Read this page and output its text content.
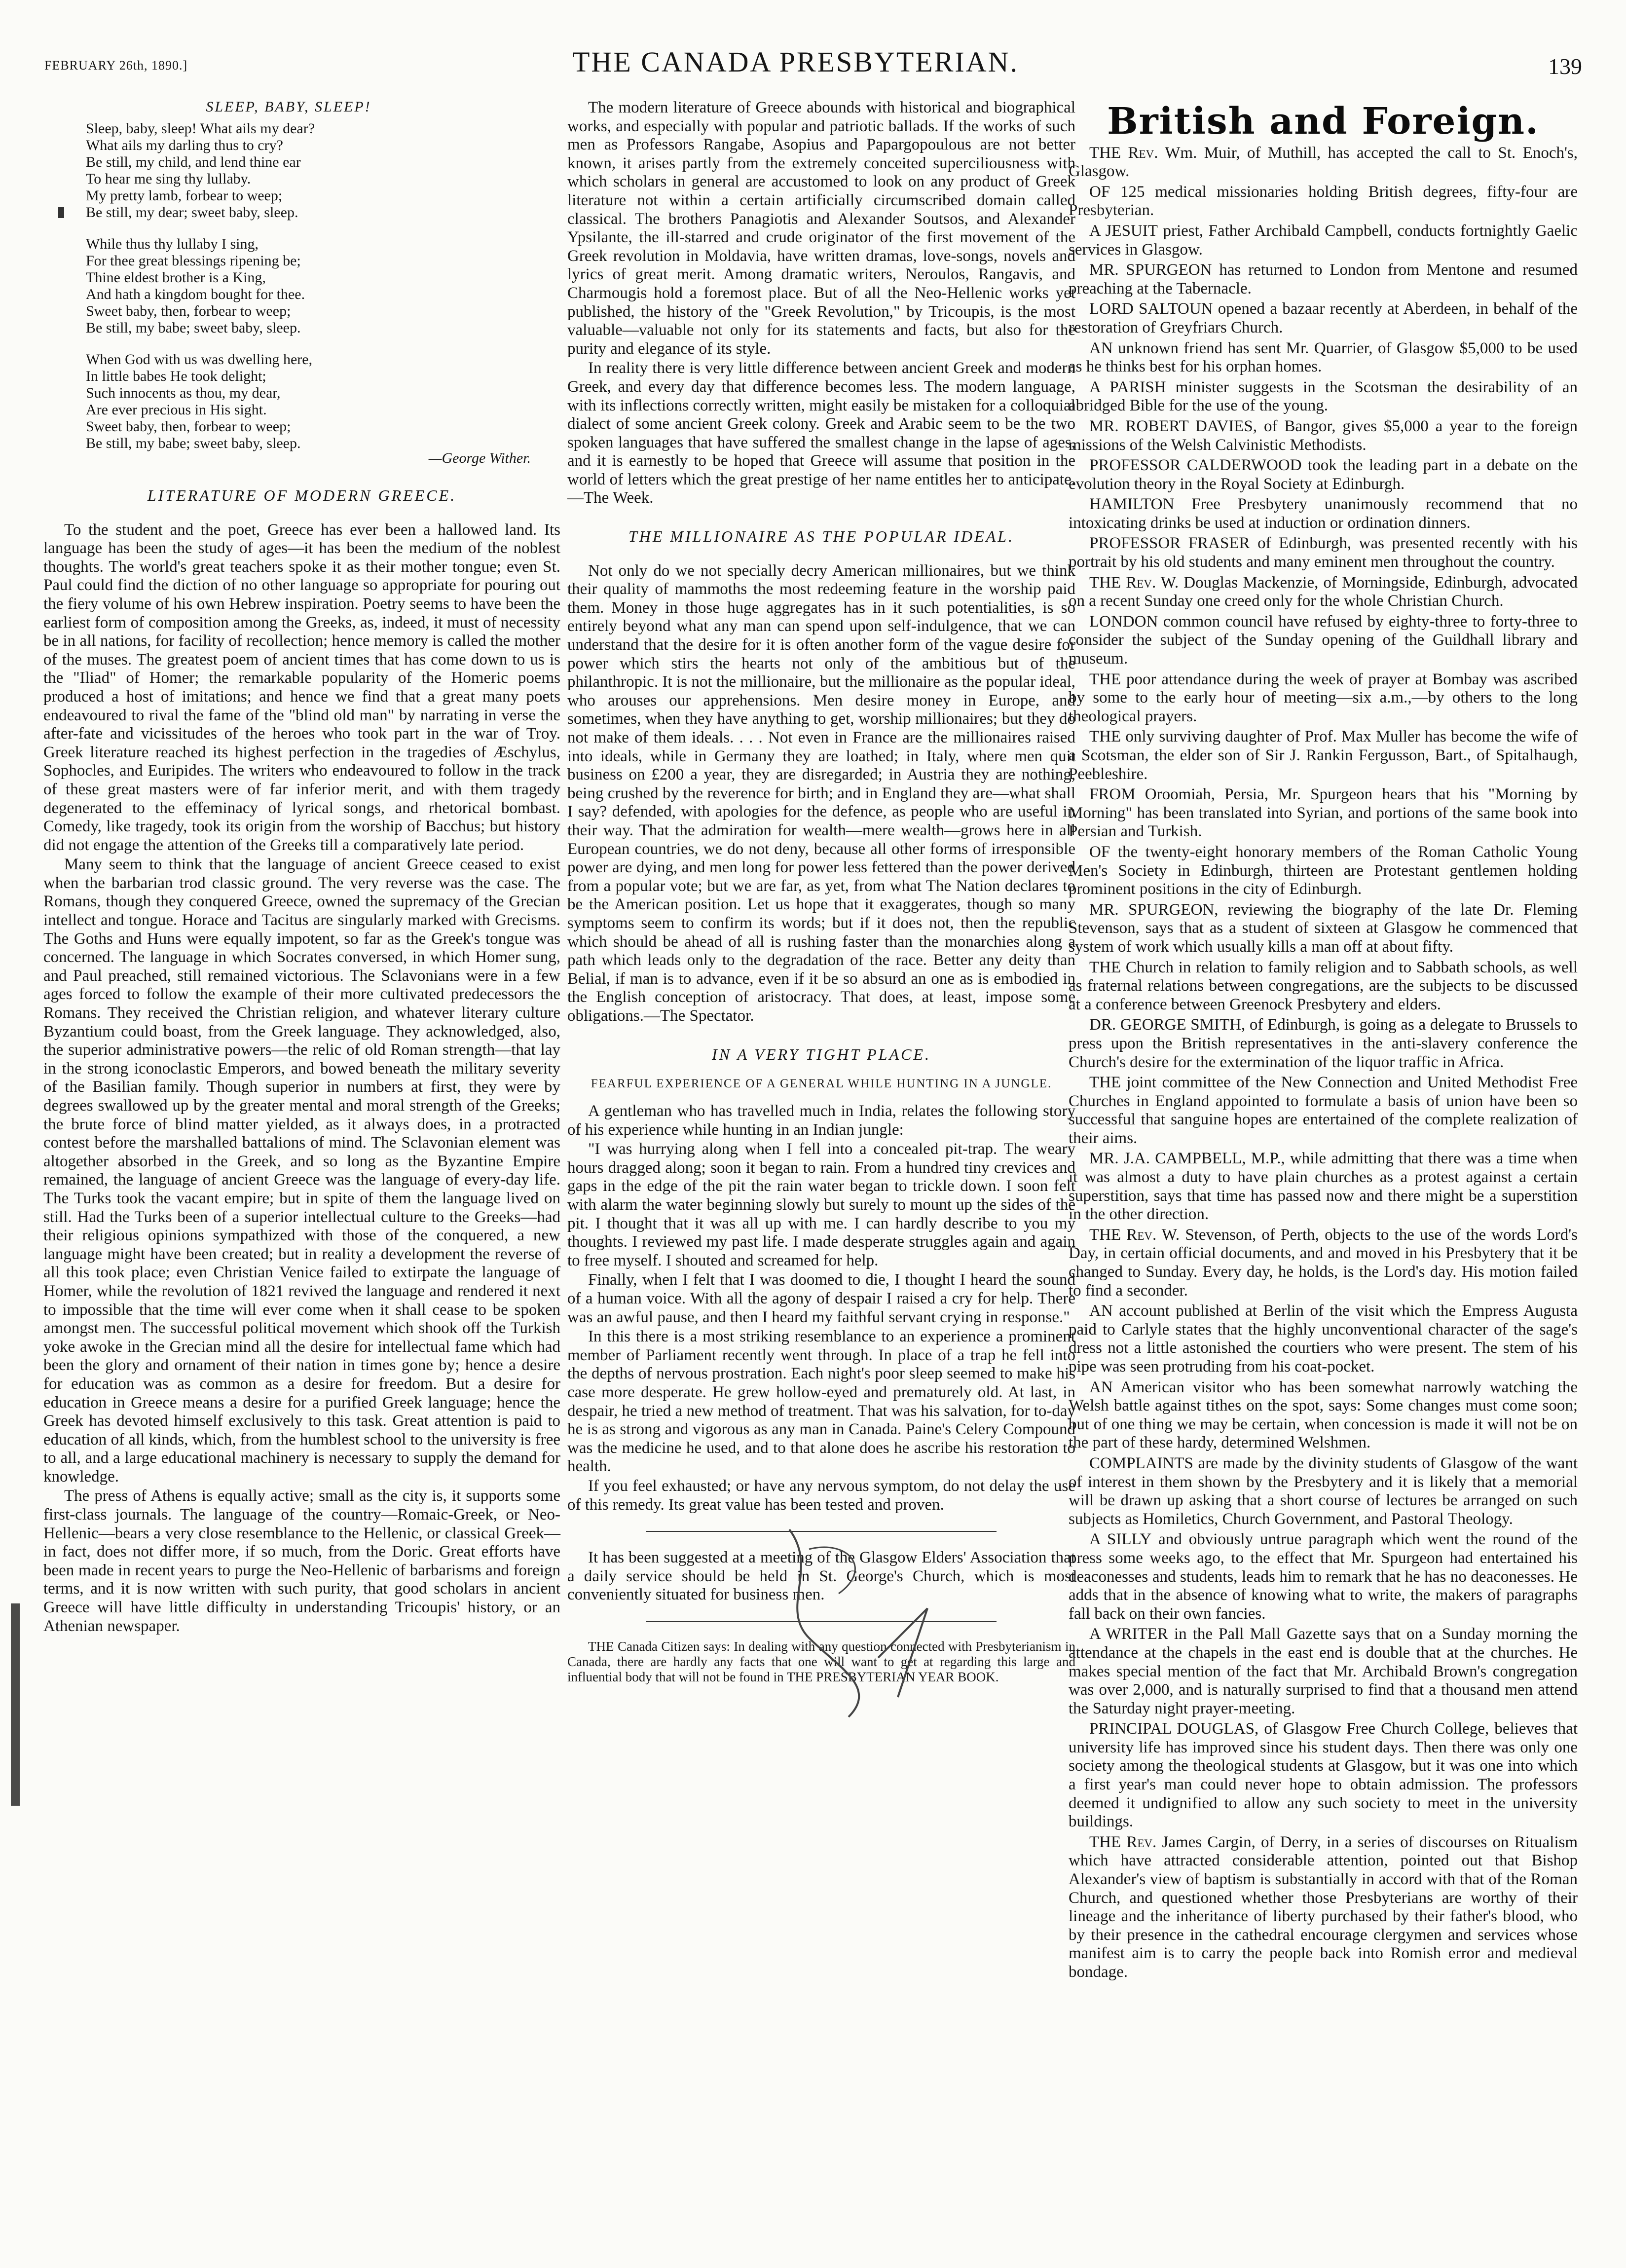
FEBRUARY 26th, 1890.]	THE CANADA PRESBYTERIAN.	139
SLEEP, BABY, SLEEP!
Sleep, baby, sleep! What ails my dear?
What ails my darling thus to cry?
Be still, my child, and lend thine ear
To hear me sing thy lullaby.
My pretty lamb, forbear to weep;
Be still, my dear; sweet baby, sleep.
While thus thy lullaby I sing,
For thee great blessings ripening be;
Thine eldest brother is a King,
And hath a kingdom bought for thee.
Sweet baby, then, forbear to weep;
Be still, my babe; sweet baby, sleep.
When God with us was dwelling here,
In little babes He took delight;
Such innocents as thou, my dear,
Are ever precious in His sight.
Sweet baby, then, forbear to weep;
Be still, my babe; sweet baby, sleep.
—George Wither.
LITERATURE OF MODERN GREECE.

To the student and the poet, Greece has ever been a hallowed land. Its language has been the study of ages—it has been the medium of the noblest thoughts. The world's great teachers spoke it as their mother tongue; even St. Paul could find the diction of no other language so appropriate for pouring out the fiery volume of his own Hebrew inspiration. Poetry seems to have been the earliest form of composition among the Greeks, as, indeed, it must of necessity be in all nations, for facility of recollection; hence memory is called the mother of the muses. The greatest poem of ancient times that has come down to us is the "Iliad" of Homer; the remarkable popularity of the Homeric poems produced a host of imitations; and hence we find that a great many poets endeavoured to rival the fame of the "blind old man" by narrating in verse the after-fate and vicissitudes of the heroes who took part in the war of Troy. Greek literature reached its highest perfection in the tragedies of Æschylus, Sophocles, and Euripides. The writers who endeavoured to follow in the track of these great masters were of far inferior merit, and with them tragedy degenerated to the effeminacy of lyrical songs, and rhetorical bombast. Comedy, like tragedy, took its origin from the worship of Bacchus; but history did not engage the attention of the Greeks till a comparatively late period.

Many seem to think that the language of ancient Greece ceased to exist when the barbarian trod classic ground. The very reverse was the case. The Romans, though they conquered Greece, owned the supremacy of the Grecian intellect and tongue. Horace and Tacitus are singularly marked with Grecisms. The Goths and Huns were equally impotent, so far as the Greek's tongue was concerned. The language in which Socrates conversed, in which Homer sung, and Paul preached, still remained victorious. The Sclavonians were in a few ages forced to follow the example of their more cultivated predecessors the Romans. They received the Christian religion, and whatever literary culture Byzantium could boast, from the Greek language. They acknowledged, also, the superior administrative powers—the relic of old Roman strength—that lay in the strong iconoclastic Emperors, and bowed beneath the military severity of the Basilian family. Though superior in numbers at first, they were by degrees swallowed up by the greater mental and moral strength of the Greeks; the brute force of blind matter yielded, as it always does, in a protracted contest before the marshalled battalions of mind. The Sclavonian element was altogether absorbed in the Greek, and so long as the Byzantine Empire remained, the language of ancient Greece was the language of every-day life. The Turks took the vacant empire; but in spite of them the language lived on still. Had the Turks been of a superior intellectual culture to the Greeks—had their religious opinions sympathized with those of the conquered, a new language might have been created; but in reality a development the reverse of all this took place; even Christian Venice failed to extirpate the language of Homer, while the revolution of 1821 revived the language and rendered it next to impossible that the time will ever come when it shall cease to be spoken amongst men. The successful political movement which shook off the Turkish yoke awoke in the Grecian mind all the desire for intellectual fame which had been the glory and ornament of their nation in times gone by; hence a desire for education was as common as a desire for freedom. But a desire for education in Greece means a desire for a purified Greek language; hence the Greek has devoted himself exclusively to this task. Great attention is paid to education of all kinds, which, from the humblest school to the university is free to all, and a large educational machinery is necessary to supply the demand for knowledge.

The press of Athens is equally active; small as the city is, it supports some first-class journals. The language of the country—Romaic-Greek, or Neo-Hellenic—bears a very close resemblance to the Hellenic, or classical Greek—in fact, does not differ more, if so much, from the Doric. Great efforts have been made in recent years to purge the Neo-Hellenic of barbarisms and foreign terms, and it is now written with such purity, that good scholars in ancient Greece will have little difficulty in understanding Tricoupis' history, or an Athenian newspaper.

The modern literature of Greece abounds with historical and biographical works, and especially with popular and patriotic ballads. If the works of such men as Professors Rangabe, Asopius and Papargopoulous are not better known, it arises partly from the extremely conceited superciliousness with which scholars in general are accustomed to look on any product of Greek literature not within a certain artificially circumscribed domain called classical. The brothers Panagiotis and Alexander Soutsos, and Alexander Ypsilante, the ill-starred and crude originator of the first movement of the Greek revolution in Moldavia, have written dramas, love-songs, novels and lyrics of great merit. Among dramatic writers, Neroulos, Rangavis, and Charmougis hold a foremost place. But of all the Neo-Hellenic works yet published, the history of the "Greek Revolution," by Tricoupis, is the most valuable—valuable not only for its statements and facts, but also for the purity and elegance of its style.

In reality there is very little difference between ancient Greek and modern Greek, and every day that difference becomes less. The modern language, with its inflections correctly written, might easily be mistaken for a colloquial dialect of some ancient Greek colony. Greek and Arabic seem to be the two spoken languages that have suffered the smallest change in the lapse of ages, and it is earnestly to be hoped that Greece will assume that position in the world of letters which the great prestige of her name entitles her to anticipate.—The Week.

THE MILLIONAIRE AS THE POPULAR IDEAL.

Not only do we not specially decry American millionaires, but we think their quality of mammoths the most redeeming feature in the worship paid them. Money in those huge aggregates has in it such potentialities, is so entirely beyond what any man can spend upon self-indulgence, that we can understand that the desire for it is often another form of the vague desire for power which stirs the hearts not only of the ambitious but of the philanthropic. It is not the millionaire, but the millionaire as the popular ideal, who arouses our apprehensions. Men desire money in Europe, and sometimes, when they have anything to get, worship millionaires; but they do not make of them ideals. . . . Not even in France are the millionaires raised into ideals, while in Germany they are loathed; in Italy, where men quit business on £200 a year, they are disregarded; in Austria they are nothing, being crushed by the reverence for birth; and in England they are—what shall I say? defended, with apologies for the defence, as people who are useful in their way. That the admiration for wealth—mere wealth—grows here in all European countries, we do not deny, because all other forms of irresponsible power are dying, and men long for power less fettered than the power derived from a popular vote; but we are far, as yet, from what The Nation declares to be the American position. Let us hope that it exaggerates, though so many symptoms seem to confirm its words; but if it does not, then the republic which should be ahead of all is rushing faster than the monarchies along a path which leads only to the degradation of the race. Better any deity than Belial, if man is to advance, even if it be so absurd an one as is embodied in the English conception of aristocracy. That does, at least, impose some obligations.—The Spectator.

IN A VERY TIGHT PLACE.
FEARFUL EXPERIENCE OF A GENERAL WHILE HUNTING IN A JUNGLE.

A gentleman who has travelled much in India, relates the following story of his experience while hunting in an Indian jungle:

"I was hurrying along when I fell into a concealed pit-trap. The weary hours dragged along; soon it began to rain. From a hundred tiny crevices and gaps in the edge of the pit the rain water began to trickle down. I soon felt with alarm the water beginning slowly but surely to mount up the sides of the pit. I thought that it was all up with me. I can hardly describe to you my thoughts. I reviewed my past life. I made desperate struggles again and again to free myself. I shouted and screamed for help.

Finally, when I felt that I was doomed to die, I thought I heard the sound of a human voice. With all the agony of despair I raised a cry for help. There was an awful pause, and then I heard my faithful servant crying in response."

In this there is a most striking resemblance to an experience a prominent member of Parliament recently went through. In place of a trap he fell into the depths of nervous prostration. Each night's poor sleep seemed to make his case more desperate. He grew hollow-eyed and prematurely old. At last, in despair, he tried a new method of treatment. That was his salvation, for to-day he is as strong and vigorous as any man in Canada. Paine's Celery Compound was the medicine he used, and to that alone does he ascribe his restoration to health.

If you feel exhausted; or have any nervous symptom, do not delay the use of this remedy. Its great value has been tested and proven.

It has been suggested at a meeting of the Glasgow Elders' Association that a daily service should be held in St. George's Church, which is most conveniently situated for business men.

THE Canada Citizen says: In dealing with any question connected with Presbyterianism in Canada, there are hardly any facts that one will want to get at regarding this large and influential body that will not be found in THE PRESBYTERIAN YEAR BOOK.

British and Foreign.

THE Rev. Wm. Muir, of Muthill, has accepted the call to St. Enoch's, Glasgow.

OF 125 medical missionaries holding British degrees, fifty-four are Presbyterian.

A JESUIT priest, Father Archibald Campbell, conducts fortnightly Gaelic services in Glasgow.

MR. SPURGEON has returned to London from Mentone and resumed preaching at the Tabernacle.

LORD SALTOUN opened a bazaar recently at Aberdeen, in behalf of the restoration of Greyfriars Church.

AN unknown friend has sent Mr. Quarrier, of Glasgow $5,000 to be used as he thinks best for his orphan homes.

A PARISH minister suggests in the Scotsman the desirability of an abridged Bible for the use of the young.

MR. ROBERT DAVIES, of Bangor, gives $5,000 a year to the foreign missions of the Welsh Calvinistic Methodists.

PROFESSOR CALDERWOOD took the leading part in a debate on the evolution theory in the Royal Society at Edinburgh.

HAMILTON Free Presbytery unanimously recommend that no intoxicating drinks be used at induction or ordination dinners.

PROFESSOR FRASER of Edinburgh, was presented recently with his portrait by his old students and many eminent men throughout the country.

THE Rev. W. Douglas Mackenzie, of Morningside, Edinburgh, advocated on a recent Sunday one creed only for the whole Christian Church.

LONDON common council have refused by eighty-three to forty-three to consider the subject of the Sunday opening of the Guildhall library and museum.

THE poor attendance during the week of prayer at Bombay was ascribed by some to the early hour of meeting—six a.m.,—by others to the long theological prayers.

THE only surviving daughter of Prof. Max Muller has become the wife of a Scotsman, the elder son of Sir J. Rankin Fergusson, Bart., of Spitalhaugh, Peebleshire.

FROM Oroomiah, Persia, Mr. Spurgeon hears that his "Morning by Morning" has been translated into Syrian, and portions of the same book into Persian and Turkish.

OF the twenty-eight honorary members of the Roman Catholic Young Men's Society in Edinburgh, thirteen are Protestant gentlemen holding prominent positions in the city of Edinburgh.

MR. SPURGEON, reviewing the biography of the late Dr. Fleming Stevenson, says that as a student of sixteen at Glasgow he commenced that system of work which usually kills a man off at about fifty.

THE Church in relation to family religion and to Sabbath schools, as well as fraternal relations between congregations, are the subjects to be discussed at a conference between Greenock Presbytery and elders.

DR. GEORGE SMITH, of Edinburgh, is going as a delegate to Brussels to press upon the British representatives in the anti-slavery conference the Church's desire for the extermination of the liquor traffic in Africa.

THE joint committee of the New Connection and United Methodist Free Churches in England appointed to formulate a basis of union have been so successful that sanguine hopes are entertained of the complete realization of their aims.

MR. J.A. CAMPBELL, M.P., while admitting that there was a time when it was almost a duty to have plain churches as a protest against a certain superstition, says that time has passed now and there might be a superstition in the other direction.

THE Rev. W. Stevenson, of Perth, objects to the use of the words Lord's Day, in certain official documents, and and moved in his Presbytery that it be changed to Sunday. Every day, he holds, is the Lord's day. His motion failed to find a seconder.

AN account published at Berlin of the visit which the Empress Augusta paid to Carlyle states that the highly unconventional character of the sage's dress not a little astonished the courtiers who were present. The stem of his pipe was seen protruding from his coat-pocket.

AN American visitor who has been somewhat narrowly watching the Welsh battle against tithes on the spot, says: Some changes must come soon; but of one thing we may be certain, when concession is made it will not be on the part of these hardy, determined Welshmen.

COMPLAINTS are made by the divinity students of Glasgow of the want of interest in them shown by the Presbytery and it is likely that a memorial will be drawn up asking that a short course of lectures be arranged on such subjects as Homiletics, Church Government, and Pastoral Theology.

A SILLY and obviously untrue paragraph which went the round of the press some weeks ago, to the effect that Mr. Spurgeon had entertained his deaconesses and students, leads him to remark that he has no deaconesses. He adds that in the absence of knowing what to write, the makers of paragraphs fall back on their own fancies.

A WRITER in the Pall Mall Gazette says that on a Sunday morning the attendance at the chapels in the east end is double that at the churches. He makes special mention of the fact that Mr. Archibald Brown's congregation was over 2,000, and is naturally surprised to find that a thousand men attend the Saturday night prayer-meeting.

PRINCIPAL DOUGLAS, of Glasgow Free Church College, believes that university life has improved since his student days. Then there was only one society among the theological students at Glasgow, but it was one into which a first year's man could never hope to obtain admission. The professors deemed it undignified to allow any such society to meet in the university buildings.

THE Rev. James Cargin, of Derry, in a series of discourses on Ritualism which have attracted considerable attention, pointed out that Bishop Alexander's view of baptism is substantially in accord with that of the Roman Church, and questioned whether those Presbyterians are worthy of their lineage and the inheritance of liberty purchased by their father's blood, who by their presence in the cathedral encourage clergymen and services whose manifest aim is to carry the people back into Romish error and medieval bondage.
